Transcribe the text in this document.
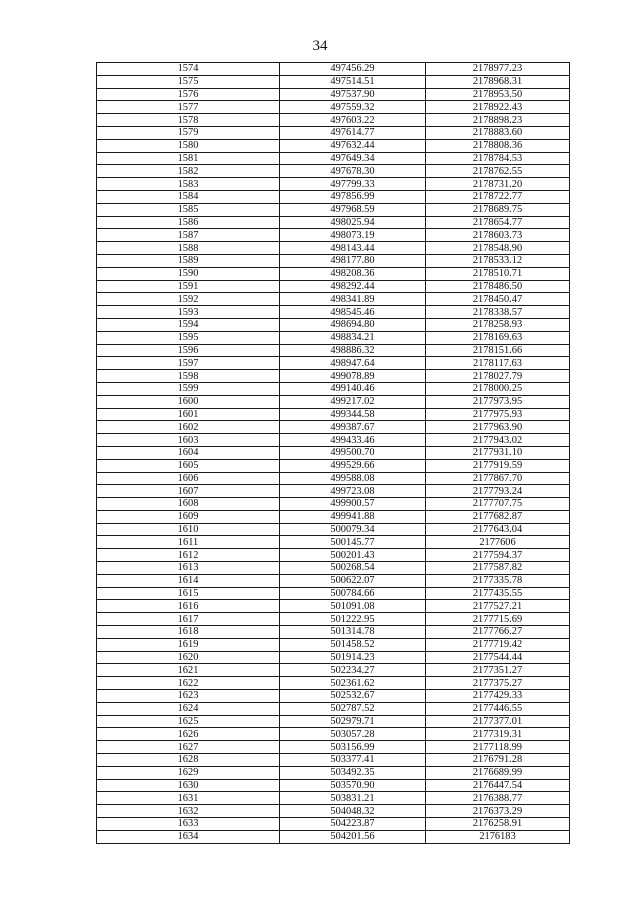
34
1574	497456.29	2178977.23
1575	497514.51	2178968.31
1576	497537.90	2178953.50
1577	497559.32	2178922.43
1578	497603.22	2178898.23
1579	497614.77	2178883.60
1580	497632.44	2178808.36
1581	497649.34	2178784.53
1582	497678.30	2178762.55
1583	497799.33	2178731.20
1584	497856.99	2178722.77
1585	497968.59	2178689.75
1586	498025.94	2178654.77
1587	498073.19	2178603.73
1588	498143.44	2178548.90
1589	498177.80	2178533.12
1590	498208.36	2178510.71
1591	498292.44	2178486.50
1592	498341.89	2178450.47
1593	498545.46	2178338.57
1594	498694.80	2178258.93
1595	498834.21	2178169.63
1596	498886.32	2178151.66
1597	498947.64	2178117.63
1598	499078.89	2178027.79
1599	499140.46	2178000.25
1600	499217.02	2177973.95
1601	499344.58	2177975.93
1602	499387.67	2177963.90
1603	499433.46	2177943.02
1604	499500.70	2177931.10
1605	499529.66	2177919.59
1606	499588.08	2177867.70
1607	499723.08	2177793.24
1608	499900.57	2177707.75
1609	499941.88	2177682.87
1610	500079.34	2177643.04
1611	500145.77	2177606
1612	500201.43	2177594.37
1613	500268.54	2177587.82
1614	500622.07	2177335.78
1615	500784.66	2177435.55
1616	501091.08	2177527.21
1617	501222.95	2177715.69
1618	501314.78	2177766.27
1619	501458.52	2177719.42
1620	501914.23	2177544.44
1621	502234.27	2177351.27
1622	502361.62	2177375.27
1623	502532.67	2177429.33
1624	502787.52	2177446.55
1625	502979.71	2177377.01
1626	503057.28	2177319.31
1627	503156.99	2177118.99
1628	503377.41	2176791.28
1629	503492.35	2176689.99
1630	503570.90	2176447.54
1631	503831.21	2176388.77
1632	504048.32	2176373.29
1633	504223.87	2176258.91
1634	504201.56	2176183
